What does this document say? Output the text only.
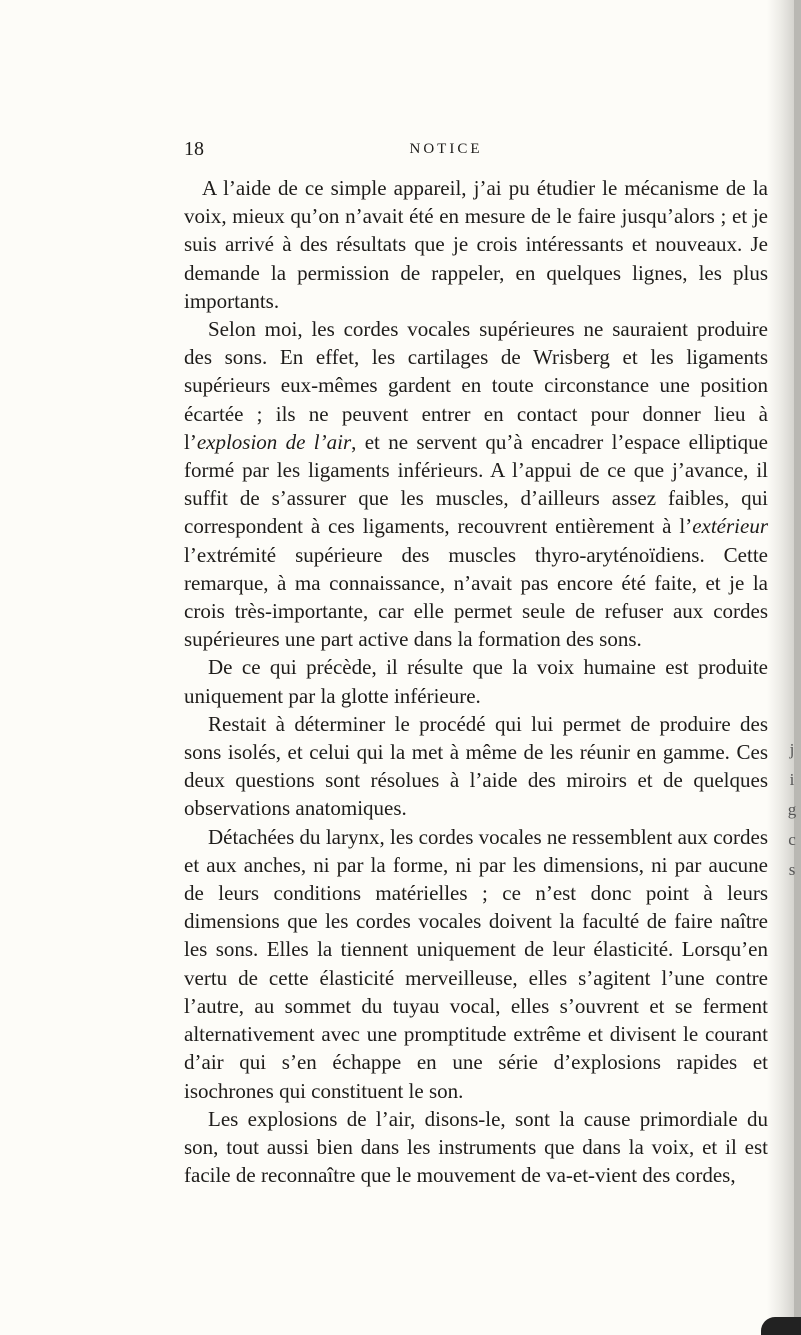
j
i
g
c
s
18	NOTICE

A l’aide de ce simple appareil, j’ai pu étudier le mécanisme de la voix, mieux qu’on n’avait été en mesure de le faire jusqu’alors ; et je suis arrivé à des résultats que je crois intéressants et nouveaux. Je demande la permission de rappeler, en quelques lignes, les plus importants.

Selon moi, les cordes vocales supérieures ne sauraient produire des sons. En effet, les cartilages de Wrisberg et les ligaments supérieurs eux-mêmes gardent en toute circonstance une position écartée ; ils ne peuvent entrer en contact pour donner lieu à l’explosion de l’air, et ne servent qu’à encadrer l’espace elliptique formé par les ligaments inférieurs. A l’appui de ce que j’avance, il suffit de s’assurer que les muscles, d’ailleurs assez faibles, qui correspondent à ces ligaments, recouvrent entièrement à l’extérieur l’extrémité supérieure des muscles thyro-aryténoïdiens. Cette remarque, à ma connaissance, n’avait pas encore été faite, et je la crois très-importante, car elle permet seule de refuser aux cordes supérieures une part active dans la formation des sons.

De ce qui précède, il résulte que la voix humaine est produite uniquement par la glotte inférieure.

Restait à déterminer le procédé qui lui permet de produire des sons isolés, et celui qui la met à même de les réunir en gamme. Ces deux questions sont résolues à l’aide des miroirs et de quelques observations anatomiques.

Détachées du larynx, les cordes vocales ne ressemblent aux cordes et aux anches, ni par la forme, ni par les dimensions, ni par aucune de leurs conditions matérielles ; ce n’est donc point à leurs dimensions que les cordes vocales doivent la faculté de faire naître les sons. Elles la tiennent uniquement de leur élasticité. Lorsqu’en vertu de cette élasticité merveilleuse, elles s’agitent l’une contre l’autre, au sommet du tuyau vocal, elles s’ouvrent et se ferment alternativement avec une promptitude extrême et divisent le courant d’air qui s’en échappe en une série d’explosions rapides et isochrones qui constituent le son.

Les explosions de l’air, disons-le, sont la cause primordiale du son, tout aussi bien dans les instruments que dans la voix, et il est facile de reconnaître que le mouvement de va-et-vient des cordes,
